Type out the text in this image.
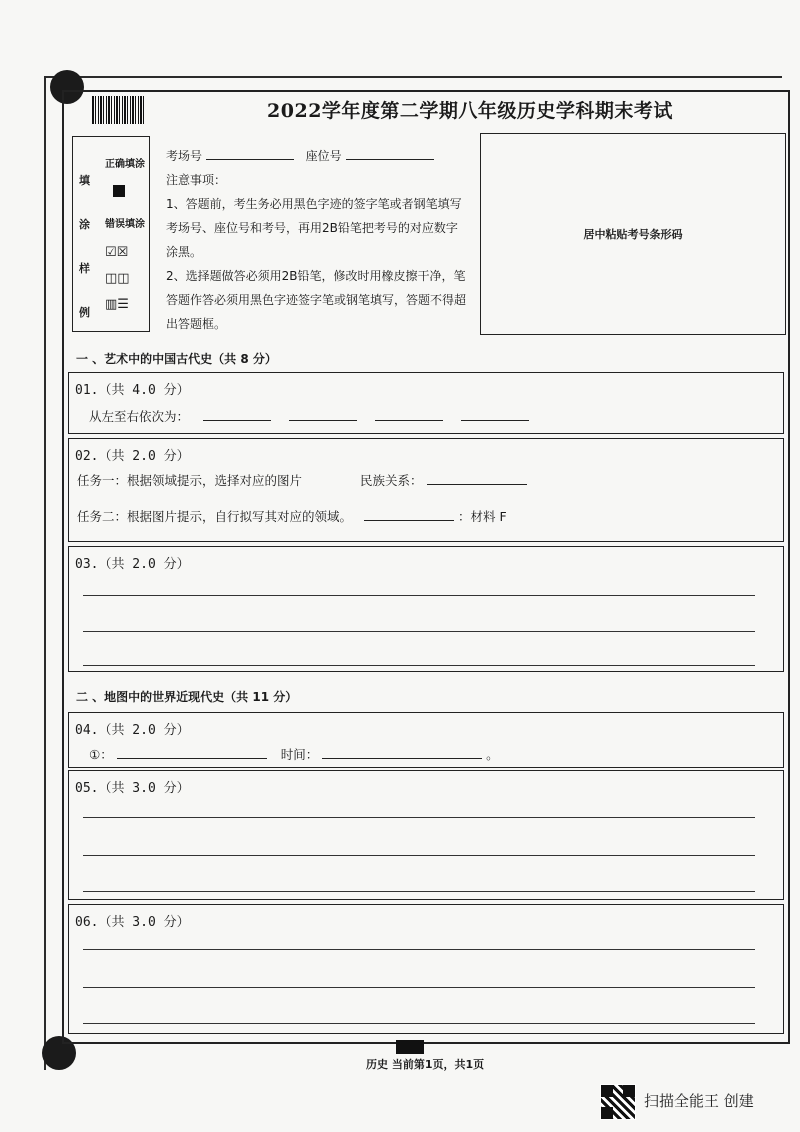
2022学年度第二学期八年级历史学科期末考试
填
涂
样
例
正确填涂
错误填涂
☑☒
◫◫
▥☰
考场号	座位号
注意事项：
1、答题前，考生务必用黑色字迹的签字笔或者钢笔填写考场号、座位号和考号，再用2B铅笔把考号的对应数字涂黑。
2、选择题做答必须用2B铅笔，修改时用橡皮擦干净，笔答题作答必须用黑色字迹签字笔或钢笔填写，答题不得超出答题框。
居中粘贴考号条形码
一 、艺术中的中国古代史（共 8 分）
01.（共 4.0 分）
从左至右依次为：
02.（共 2.0 分）
任务一：根据领域提示，选择对应的图片	民族关系：
任务二：根据图片提示，自行拟写其对应的领域。	：材料 F
03.（共 2.0 分）
二 、地图中的世界近现代史（共 11 分）
04.（共 2.0 分）
①：	时间：	。
05.（共 3.0 分）
06.（共 3.0 分）
历史 当前第1页，共1页
扫描全能王 创建
